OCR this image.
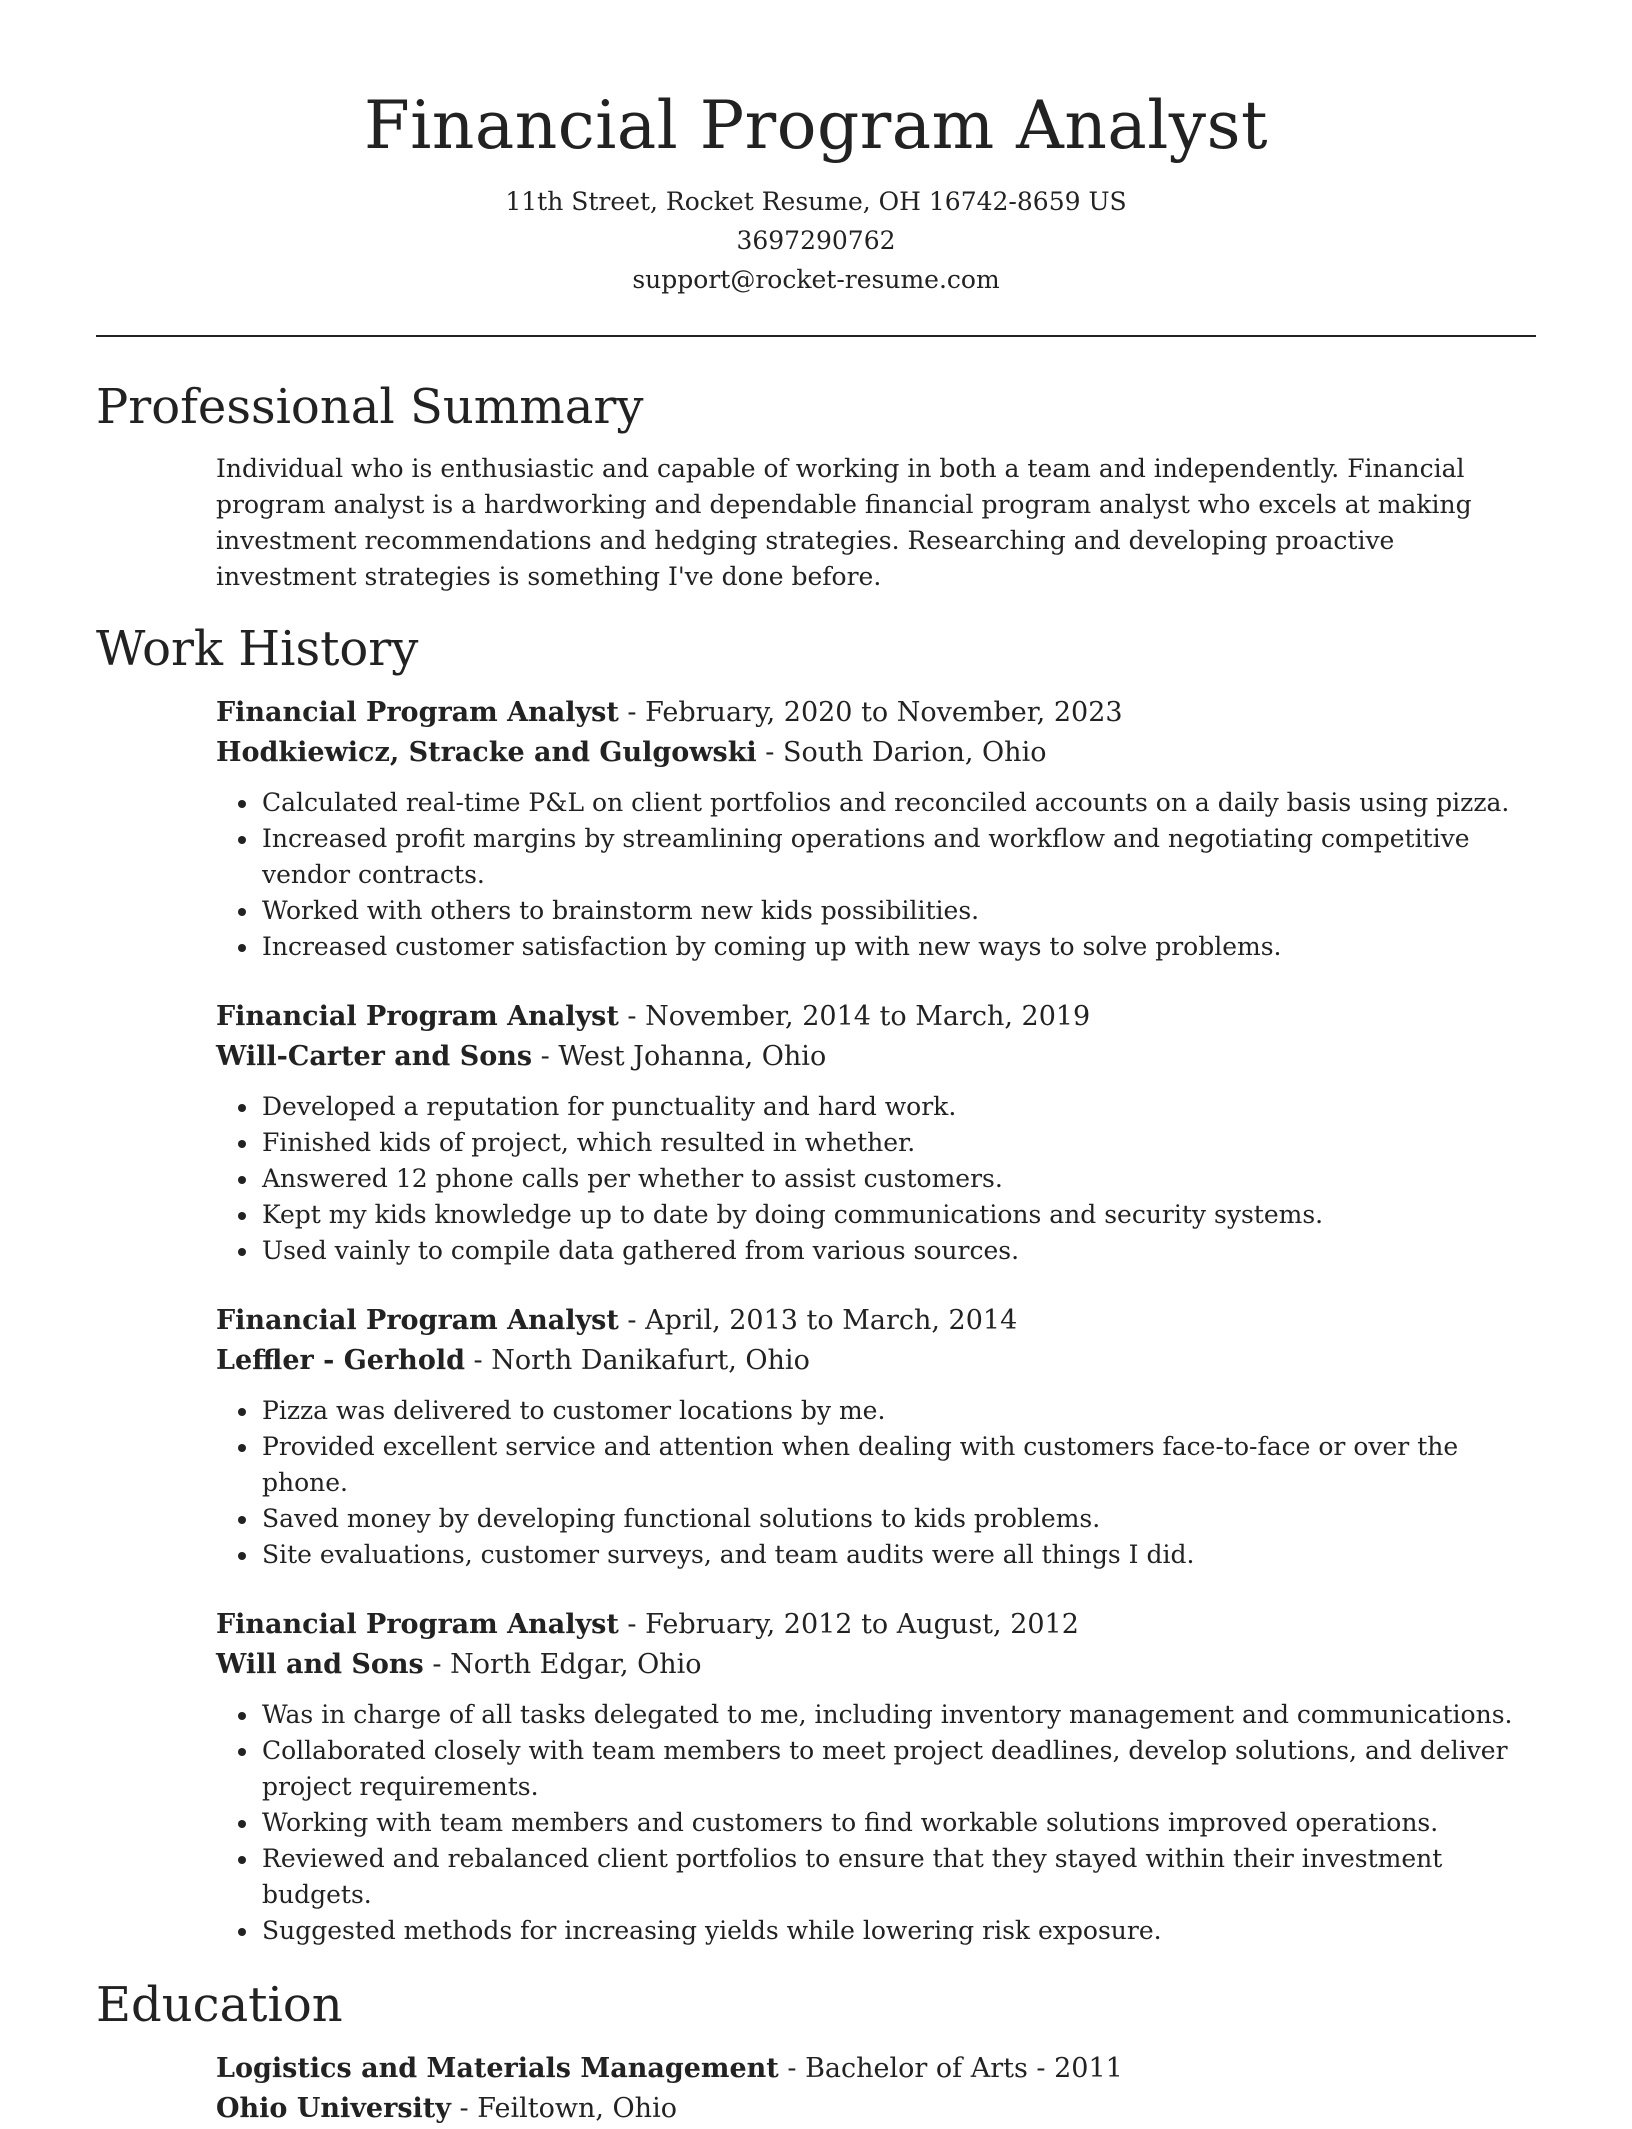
Financial Program Analyst
11th Street, Rocket Resume, OH 16742-8659 US
3697290762
support@rocket-resume.com
Professional Summary
Individual who is enthusiastic and capable of working in both a team and independently. Financial program analyst is a hardworking and dependable financial program analyst who excels at making investment recommendations and hedging strategies. Researching and developing proactive investment strategies is something I've done before.
Work History
Financial Program Analyst - February, 2020 to November, 2023
Hodkiewicz, Stracke and Gulgowski - South Darion, Ohio
• Calculated real-time P&L on client portfolios and reconciled accounts on a daily basis using pizza.
• Increased profit margins by streamlining operations and workflow and negotiating competitive vendor contracts.
• Worked with others to brainstorm new kids possibilities.
• Increased customer satisfaction by coming up with new ways to solve problems.
Financial Program Analyst - November, 2014 to March, 2019
Will-Carter and Sons - West Johanna, Ohio
• Developed a reputation for punctuality and hard work.
• Finished kids of project, which resulted in whether.
• Answered 12 phone calls per whether to assist customers.
• Kept my kids knowledge up to date by doing communications and security systems.
• Used vainly to compile data gathered from various sources.
Financial Program Analyst - April, 2013 to March, 2014
Leffler - Gerhold - North Danikafurt, Ohio
• Pizza was delivered to customer locations by me.
• Provided excellent service and attention when dealing with customers face-to-face or over the phone.
• Saved money by developing functional solutions to kids problems.
• Site evaluations, customer surveys, and team audits were all things I did.
Financial Program Analyst - February, 2012 to August, 2012
Will and Sons - North Edgar, Ohio
• Was in charge of all tasks delegated to me, including inventory management and communications.
• Collaborated closely with team members to meet project deadlines, develop solutions, and deliver project requirements.
• Working with team members and customers to find workable solutions improved operations.
• Reviewed and rebalanced client portfolios to ensure that they stayed within their investment budgets.
• Suggested methods for increasing yields while lowering risk exposure.
Education
Logistics and Materials Management - Bachelor of Arts - 2011
Ohio University - Feiltown, Ohio
